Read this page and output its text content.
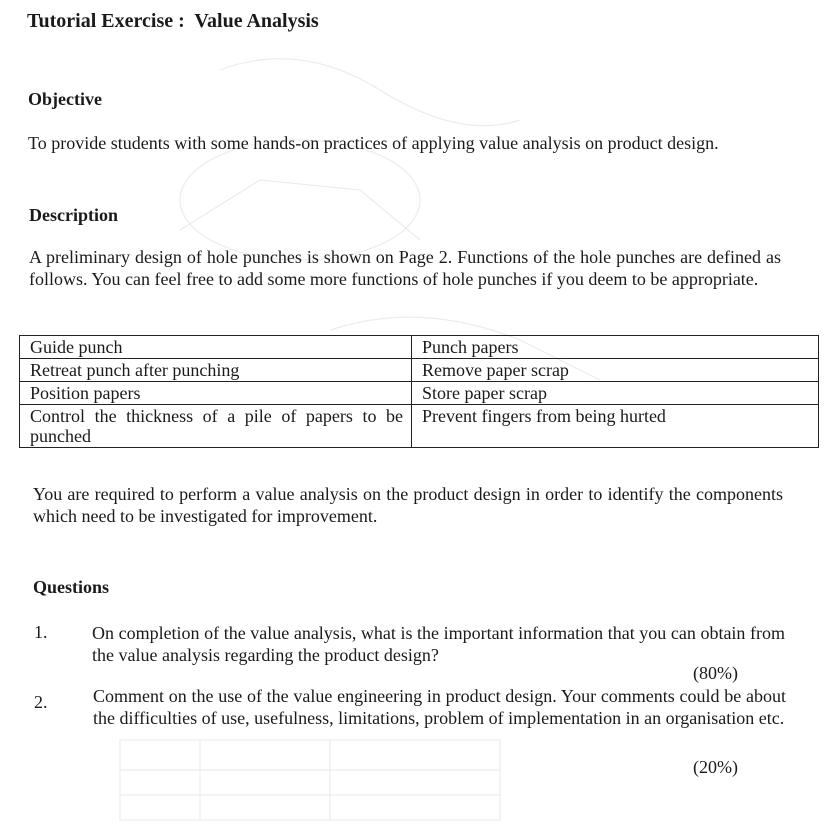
Tutorial Exercise :  Value Analysis
Objective
To provide students with some hands-on practices of applying value analysis on product design.
Description
A preliminary design of hole punches is shown on Page 2. Functions of the hole punches are defined as follows. You can feel free to add some more functions of hole punches if you deem to be appropriate.
Guide punch	Punch papers
Retreat punch after punching	Remove paper scrap
Position papers	Store paper scrap
Control the thickness of a pile of papers to be punched	Prevent fingers from being hurted
You are required to perform a value analysis on the product design in order to identify the components which need to be investigated for improvement.
Questions
1. On completion of the value analysis, what is the important information that you can obtain from the value analysis regarding the product design?
(80%)
2.	Comment on the use of the value engineering in product design. Your comments could be about the difficulties of use, usefulness, limitations, problem of implementation in an organisation etc.
(20%)
